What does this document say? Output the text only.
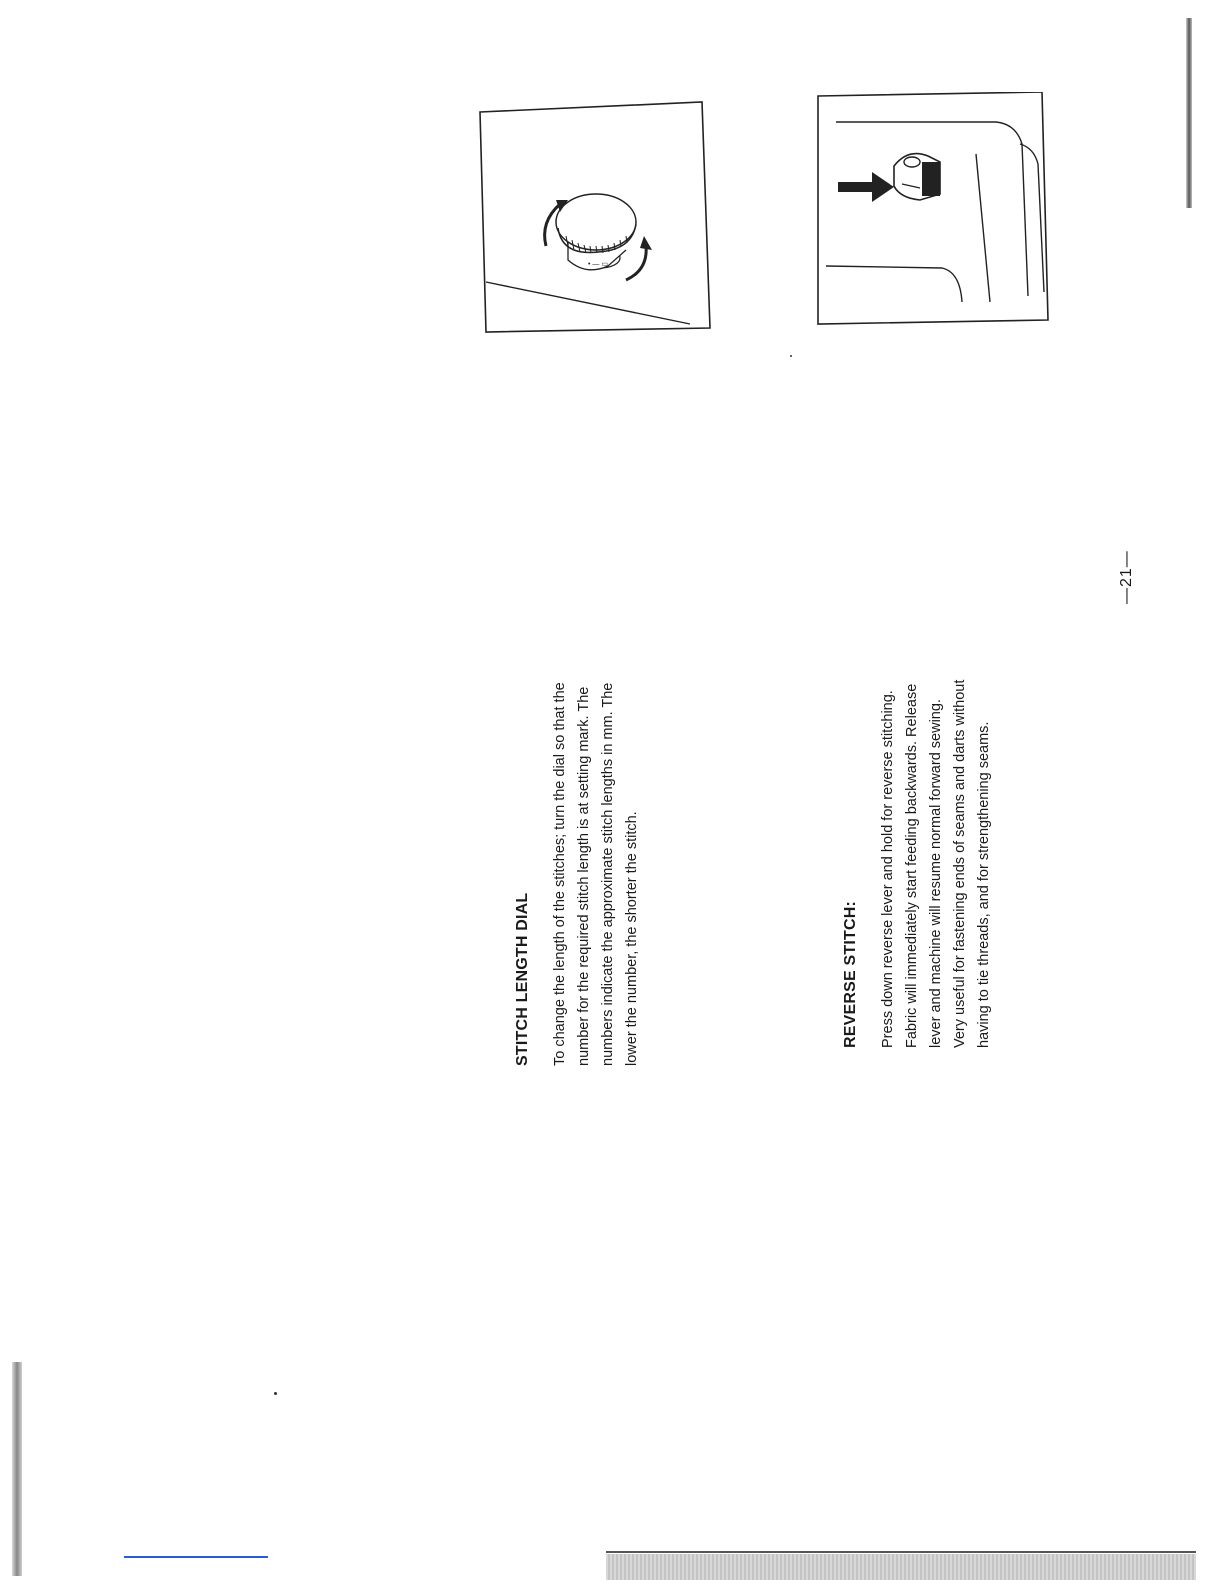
STITCH LENGTH DIAL To change the length of the stitches; turn the dial so that the number for the required stitch length is at setting mark. The numbers indicate the approximate stitch lengths in mm. The lower the number, the shorter the stitch.	REVERSE STITCH: Press down reverse lever and hold for reverse stitching. Fabric will immediately start feeding backwards. Release lever and machine will resume normal forward sewing. Very useful for fastening ends of seams and darts without having to tie threads, and for strengthening seams.
—21—
• — ▭
